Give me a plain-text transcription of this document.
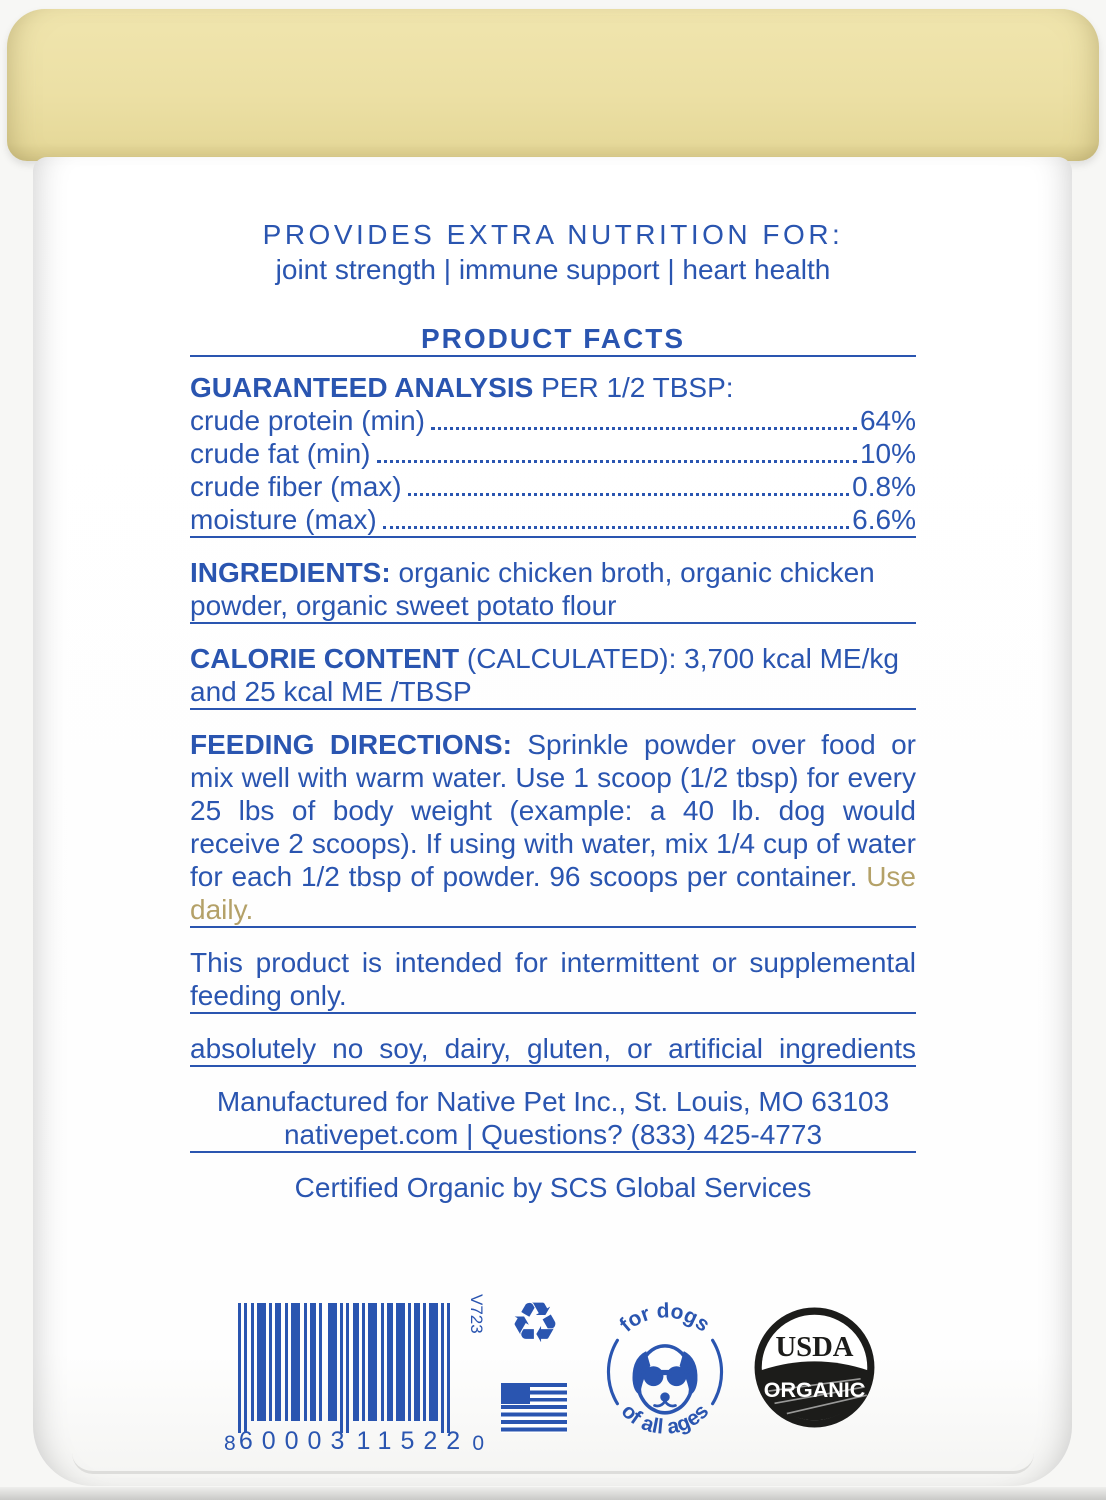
PROVIDES EXTRA NUTRITION FOR:
joint strength | immune support | heart health
PRODUCT FACTS
GUARANTEED ANALYSIS PER 1/2 TBSP:
crude protein (min)	64%
crude fat (min)	10%
crude fiber (max)	0.8%
moisture (max)	6.6%

INGREDIENTS: organic chicken broth, organic chicken powder, organic sweet potato flour

CALORIE CONTENT (CALCULATED): 3,700 kcal ME/kg and 25 kcal ME /TBSP

FEEDING DIRECTIONS: Sprinkle powder over food or mix well with warm water. Use 1 scoop (1/2 tbsp) for every 25 lbs of body weight (example: a 40 lb. dog would receive 2 scoops). If using with water, mix 1/4 cup of water for each 1/2 tbsp of powder. 96 scoops per container. Use daily.

This product is intended for intermittent or supplemental feeding only.

absolutely no soy, dairy, gluten, or artificial ingredients

Manufactured for Native Pet Inc., St. Louis, MO 63103
nativepet.com | Questions? (833) 425-4773

Certified Organic by SCS Global Services

8 60003 11522 0
V723 ♻	for dogs
of all ages
USDA
ORGANIC
